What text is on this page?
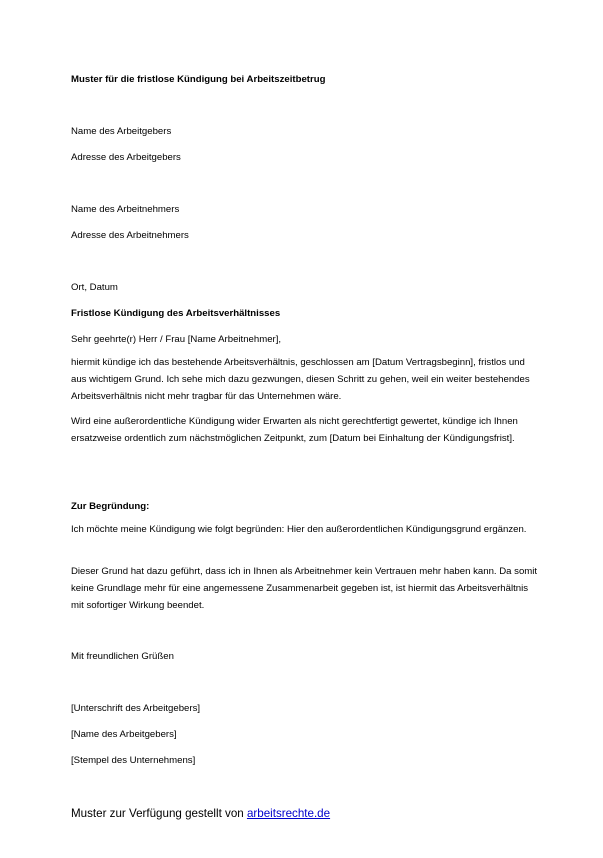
Muster für die fristlose Kündigung bei Arbeitszeitbetrug

Name des Arbeitgebers

Adresse des Arbeitgebers

Name des Arbeitnehmers

Adresse des Arbeitnehmers

Ort, Datum

Fristlose Kündigung des Arbeitsverhältnisses

Sehr geehrte(r) Herr / Frau [Name Arbeitnehmer],

hiermit kündige ich das bestehende Arbeitsverhältnis, geschlossen am [Datum Vertragsbeginn], fristlos und aus wichtigem Grund. Ich sehe mich dazu gezwungen, diesen Schritt zu gehen, weil ein weiter bestehendes Arbeitsverhältnis nicht mehr tragbar für das Unternehmen wäre.

Wird eine außerordentliche Kündigung wider Erwarten als nicht gerechtfertigt gewertet, kündige ich Ihnen ersatzweise ordentlich zum nächstmöglichen Zeitpunkt, zum [Datum bei Einhaltung der Kündigungsfrist].

Zur Begründung:

Ich möchte meine Kündigung wie folgt begründen: Hier den außerordentlichen Kündigungsgrund ergänzen.

Dieser Grund hat dazu geführt, dass ich in Ihnen als Arbeitnehmer kein Vertrauen mehr haben kann. Da somit keine Grundlage mehr für eine angemessene Zusammenarbeit gegeben ist, ist hiermit das Arbeitsverhältnis mit sofortiger Wirkung beendet.

Mit freundlichen Grüßen

[Unterschrift des Arbeitgebers]

[Name des Arbeitgebers]

[Stempel des Unternehmens]

Muster zur Verfügung gestellt von arbeitsrechte.de
